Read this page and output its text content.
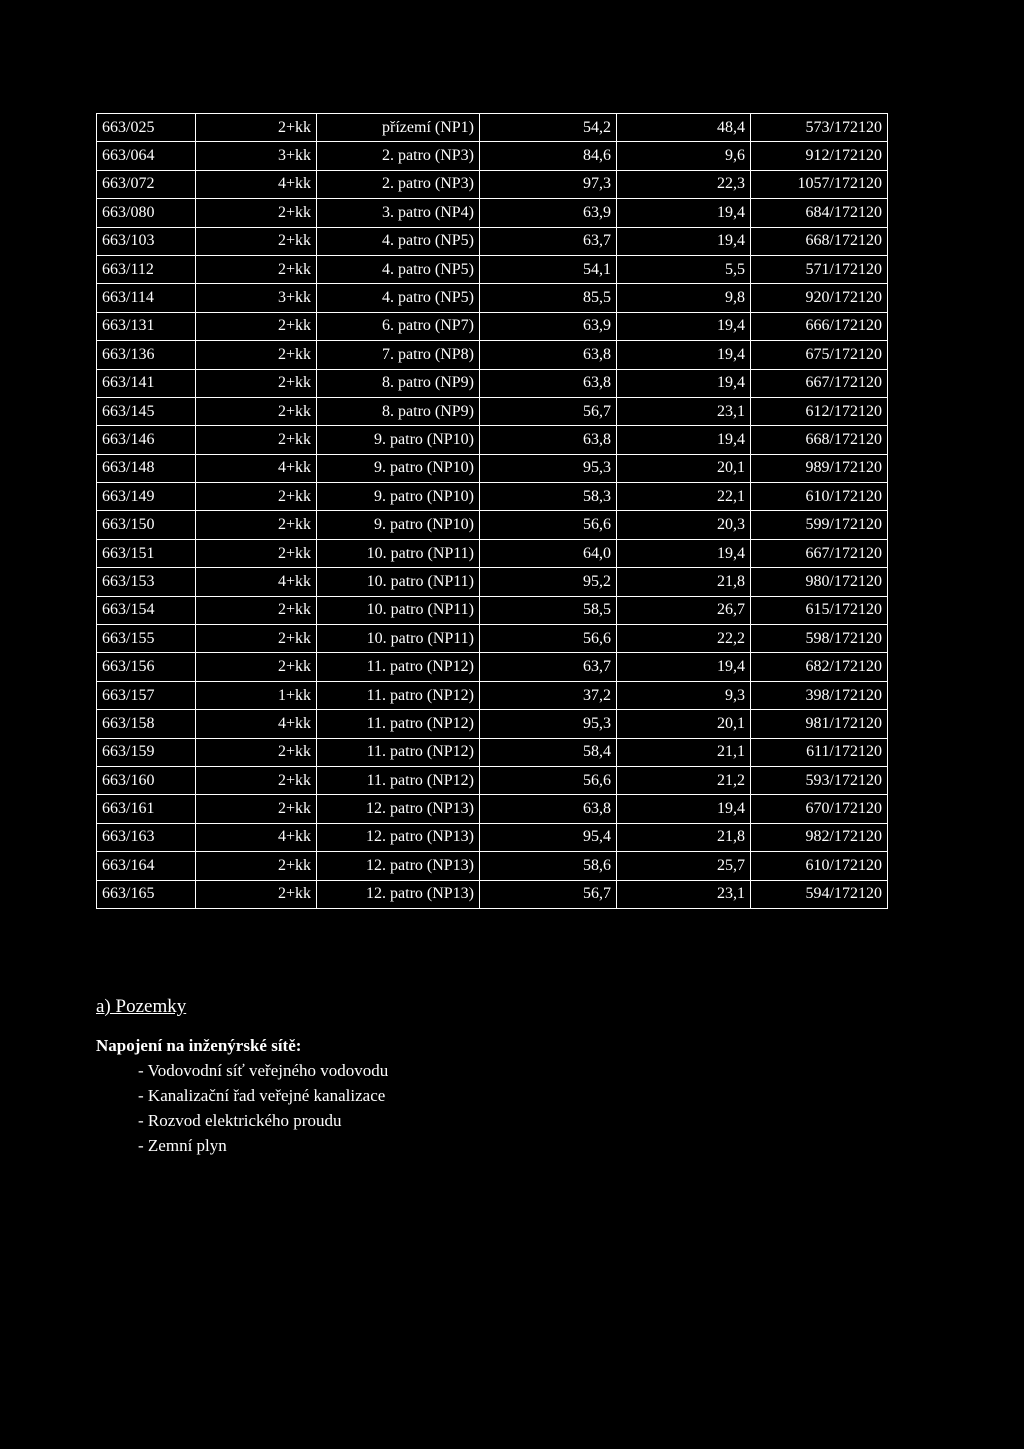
663/025	2+kk	přízemí (NP1)	54,2	48,4	573/172120
663/064	3+kk	2. patro (NP3)	84,6	9,6	912/172120
663/072	4+kk	2. patro (NP3)	97,3	22,3	1057/172120
663/080	2+kk	3. patro (NP4)	63,9	19,4	684/172120
663/103	2+kk	4. patro (NP5)	63,7	19,4	668/172120
663/112	2+kk	4. patro (NP5)	54,1	5,5	571/172120
663/114	3+kk	4. patro (NP5)	85,5	9,8	920/172120
663/131	2+kk	6. patro (NP7)	63,9	19,4	666/172120
663/136	2+kk	7. patro (NP8)	63,8	19,4	675/172120
663/141	2+kk	8. patro (NP9)	63,8	19,4	667/172120
663/145	2+kk	8. patro (NP9)	56,7	23,1	612/172120
663/146	2+kk	9. patro (NP10)	63,8	19,4	668/172120
663/148	4+kk	9. patro (NP10)	95,3	20,1	989/172120
663/149	2+kk	9. patro (NP10)	58,3	22,1	610/172120
663/150	2+kk	9. patro (NP10)	56,6	20,3	599/172120
663/151	2+kk	10. patro (NP11)	64,0	19,4	667/172120
663/153	4+kk	10. patro (NP11)	95,2	21,8	980/172120
663/154	2+kk	10. patro (NP11)	58,5	26,7	615/172120
663/155	2+kk	10. patro (NP11)	56,6	22,2	598/172120
663/156	2+kk	11. patro (NP12)	63,7	19,4	682/172120
663/157	1+kk	11. patro (NP12)	37,2	9,3	398/172120
663/158	4+kk	11. patro (NP12)	95,3	20,1	981/172120
663/159	2+kk	11. patro (NP12)	58,4	21,1	611/172120
663/160	2+kk	11. patro (NP12)	56,6	21,2	593/172120
663/161	2+kk	12. patro (NP13)	63,8	19,4	670/172120
663/163	4+kk	12. patro (NP13)	95,4	21,8	982/172120
663/164	2+kk	12. patro (NP13)	58,6	25,7	610/172120
663/165	2+kk	12. patro (NP13)	56,7	23,1	594/172120
a) Pozemky
Napojení na inženýrské sítě:
- Vodovodní síť veřejného vodovodu
- Kanalizační řad veřejné kanalizace
- Rozvod elektrického proudu
- Zemní plyn
